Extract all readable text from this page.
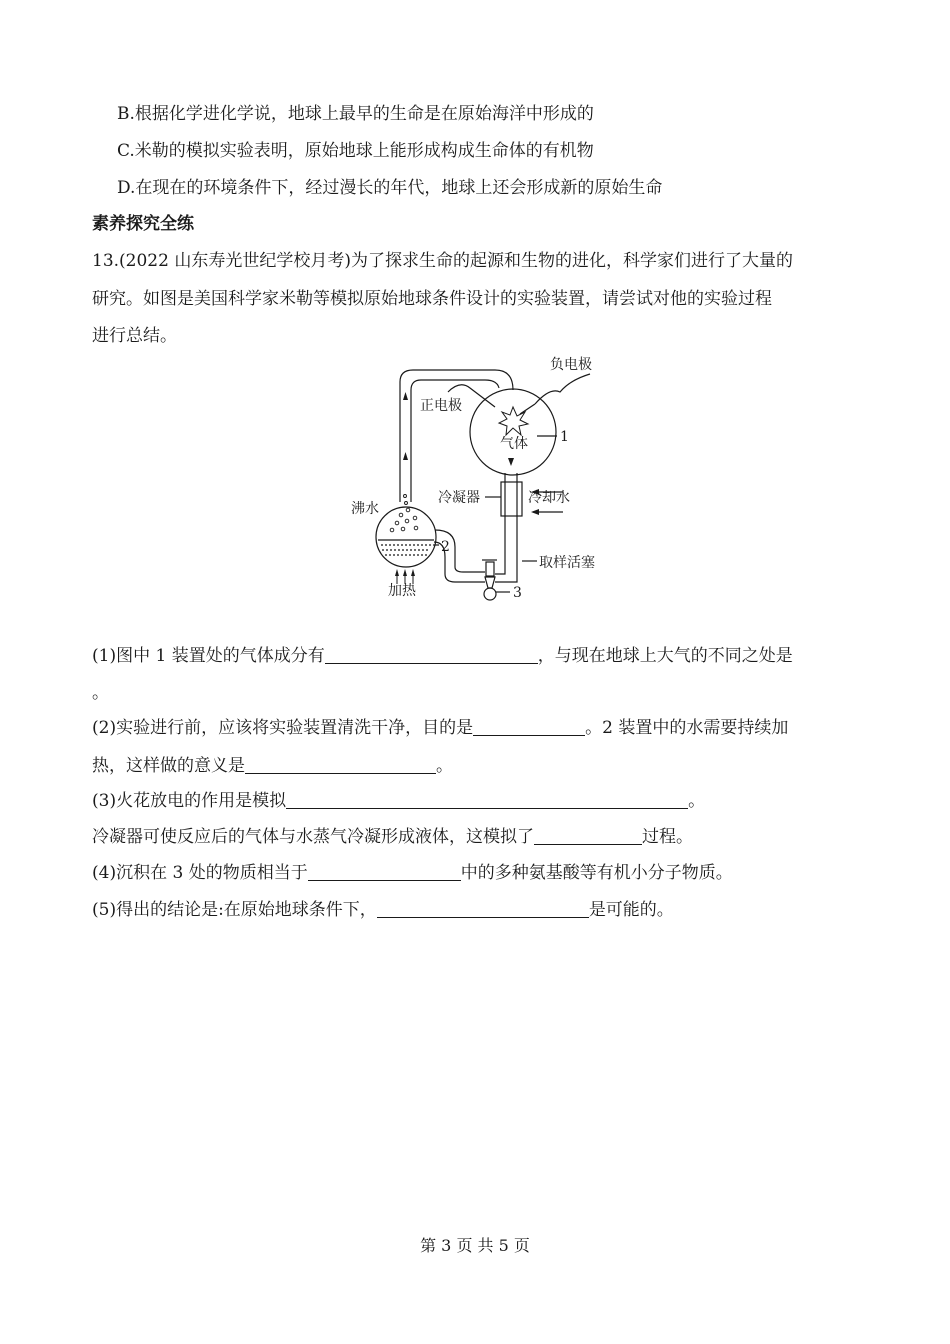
B.根据化学进化学说，地球上最早的生命是在原始海洋中形成的
C.米勒的模拟实验表明，原始地球上能形成构成生命体的有机物
D.在现在的环境条件下，经过漫长的年代，地球上还会形成新的原始生命
素养探究全练
13.(2022 山东寿光世纪学校月考)为了探求生命的起源和生物的进化，科学家们进行了大量的
研究。如图是美国科学家米勒等模拟原始地球条件设计的实验装置，请尝试对他的实验过程
进行总结。
负电极
正电极
气体 1
冷凝器	冷却水
沸水
2
取样活塞
加热	3
(1)图中 1 装置处的气体成分有	，与现在地球上大气的不同之处是
。
(2)实验进行前，应该将实验装置清洗干净，目的是	。2 装置中的水需要持续加
热，这样做的意义是	。
(3)火花放电的作用是模拟	。
冷凝器可使反应后的气体与水蒸气冷凝形成液体，这模拟了	过程。
(4)沉积在 3 处的物质相当于	中的多种氨基酸等有机小分子物质。
(5)得出的结论是:在原始地球条件下，	是可能的。
第 3 页 共 5 页
